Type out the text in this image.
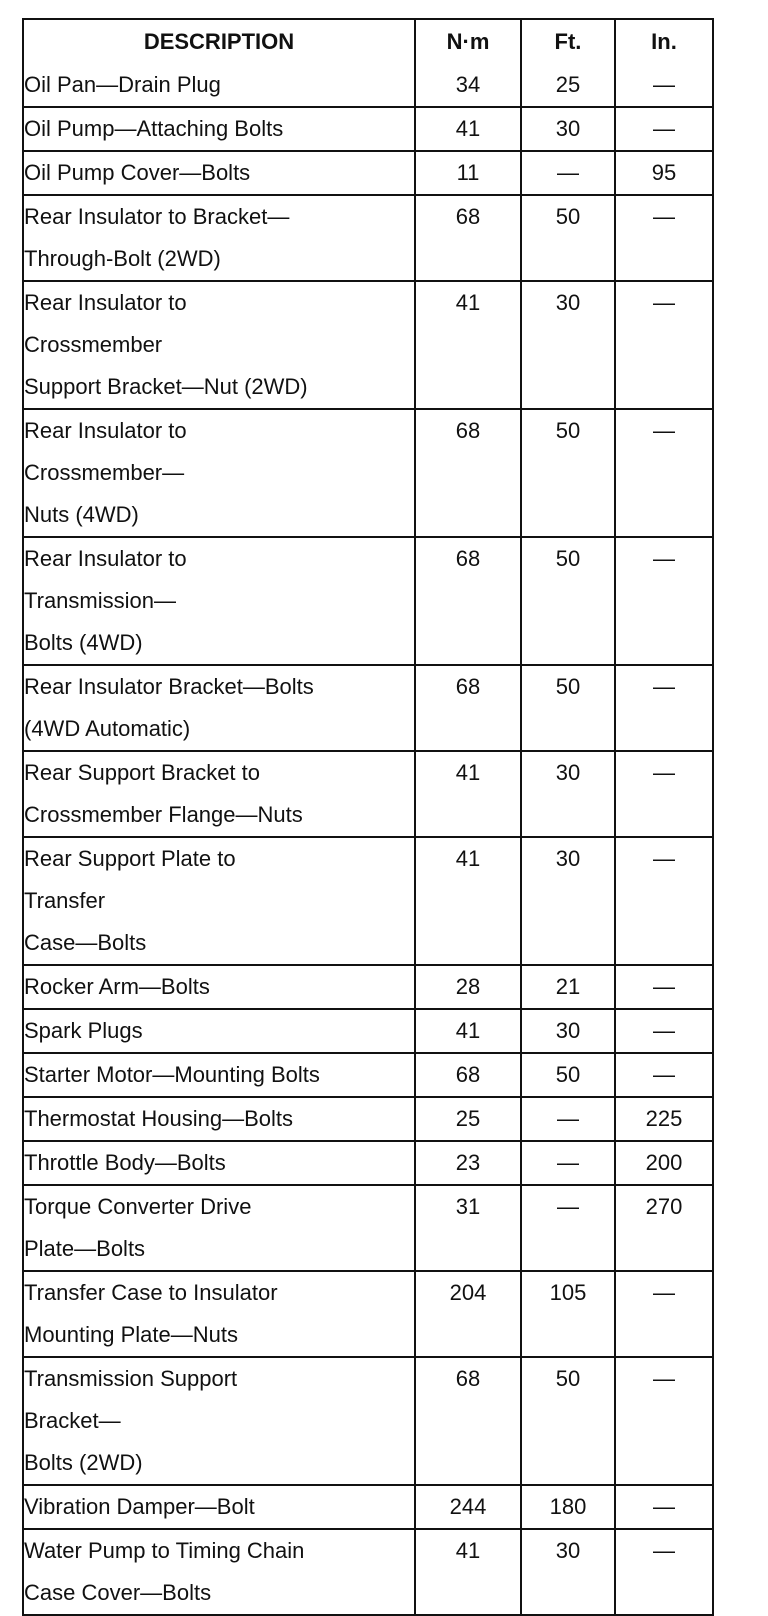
DESCRIPTION	N·m	Ft.	In.

Oil Pan—Drain Plug	34	25	—

Oil Pump—Attaching Bolts	41	30	—

Oil Pump Cover—Bolts	11	—	95

Rear Insulator to Bracket—
Through-Bolt (2WD)	68	50	—

Rear Insulator to
Crossmember
Support Bracket—Nut (2WD)	41	30	—

Rear Insulator to
Crossmember—
Nuts (4WD)	68	50	—

Rear Insulator to
Transmission—
Bolts (4WD)	68	50	—

Rear Insulator Bracket—Bolts
(4WD Automatic)	68	50	—

Rear Support Bracket to
Crossmember Flange—Nuts	41	30	—

Rear Support Plate to
Transfer
Case—Bolts	41	30	—

Rocker Arm—Bolts	28	21	—

Spark Plugs	41	30	—

Starter Motor—Mounting Bolts	68	50	—

Thermostat Housing—Bolts	25	—	225

Throttle Body—Bolts	23	—	200

Torque Converter Drive
Plate—Bolts	31	—	270

Transfer Case to Insulator
Mounting Plate—Nuts	204	105	—

Transmission Support
Bracket—
Bolts (2WD)	68	50	—

Vibration Damper—Bolt	244	180	—

Water Pump to Timing Chain
Case Cover—Bolts	41	30	—
